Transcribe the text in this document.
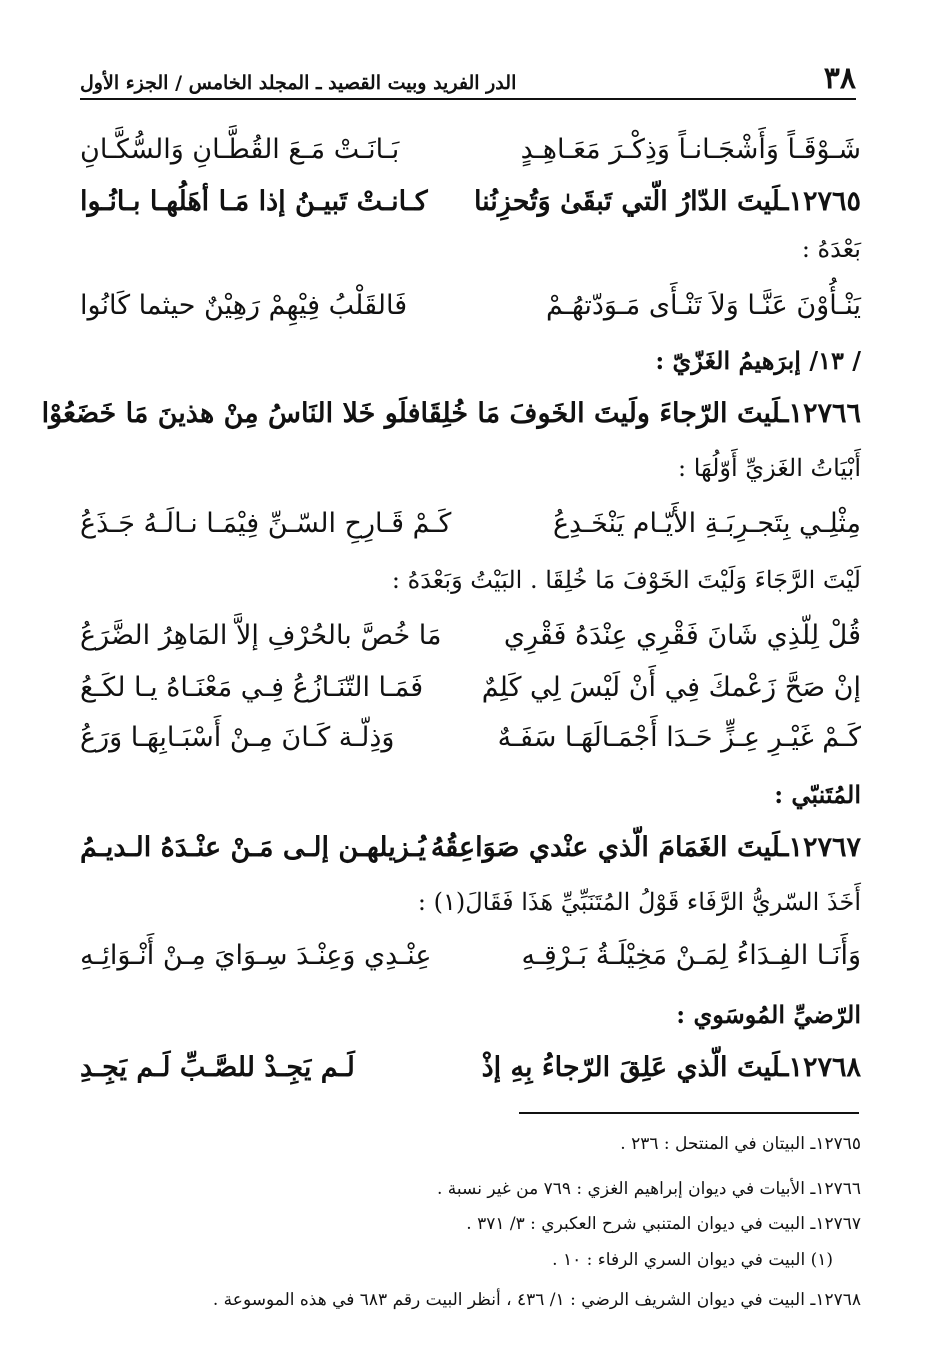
٣٨
الدر الفريد وبيت القصيد ـ المجلد الخامس / الجزء الأول
شَـوْقَـاً وَأَشْجَـانـاً وَذِكْـرَ مَعَـاهِـدٍ
بَـانَـتْ مَـعَ القُطَّـانِ وَالسُّكَّـانِ
١٢٧٦٥ـلَيتَ الدّارُ الّتي تَبقَىٰ وَتُحزِنُنا
كـانـتْ تَبيـنُ إذا مَـا أهَلُهـا بـانُـوا
بَعْدَهُ :
يَنْـأُوْنَ عَنَّـا وَلاَ تَنْـأَى مَـوَدّتهُـمْ
فَالقَلْبُ فِيْهِمْ رَهِيْنٌ حيثما كَانُوا
/ ١٣/ إبرَهيمُ الغَزّيّ :
١٢٧٦٦ـلَيتَ الرّجاءَ ولَيتَ الخَوفَ مَا خُلِقَا
فلَو خَلا النَاسُ مِنْ هذينَ مَا خَضَعُوْا
أَبْيَاتُ الغَزيِّ أَوّلُهَا :
مِثْلِـي بِتَجـرِبَـةِ الأَيّـام يَنْخَـدِعُ
كَـمْ قَـارِحِ السّـنِّ فِيْمَـا نـالَـهُ جَـذَعُ
لَيْتَ الرَّجَاءَ وَلَيْتَ الخَوْفَ مَا خُلِقَا . البَيْتُ وَبَعْدَهُ :
قُلْ لِلّذِي شَانَ فَقْرِي عِنْدَهُ فَقْرِي
مَا خُصَّ بالحُرْفِ إلاَّ المَاهِرُ الضَّرَعُ
إنْ صَحَّ زَعْمكَ فِي أَنْ لَيْسَ لِي كَلِمٌ
فَمَـا التّنَـازُعُ فِـي مَعْنَـاهُ يـا لكَـعُ
كَـمْ غَيْـرِ عِـزٍّ حَـدَا أَجْمَـالَهَـا سَفَـهٌ
وَذِلّـة كَـانَ مِـنْ أَسْبَـابِهَـا وَرَعُ
المُتَنبّي :
١٢٧٦٧ـلَيتَ الغَمَامَ الّذي عنْدي صَوَاعِقُهُ
يُـزيلهـن إلـى مَـنْ عنْـدَهُ الـديـمُ
أَخَذَ السّريُّ الرَّفَاء قَوْلُ المُتَنَبِّيِّ هَذَا فَقَالَ(١) :
وَأَنَـا الفِـدَاءُ لِمَـنْ مَخِيْلَـةُ بَـرْقِـهِ
عِنْـدِي وَعِنْـدَ سِـوَايَ مِـنْ أَنْـوَائِـهِ
الرّضيِّ المُوسَوي :
١٢٧٦٨ـلَيتَ الّذي عَلِقَ الرّجاءُ بِهِ إذْ
لَـم يَجِـدْ للصَّـبِّ لَـم يَجِـدِ
١٢٧٦٥ـ البيتان في المنتحل : ٢٣٦ .
١٢٧٦٦ـ الأبيات في ديوان إبراهيم الغزي : ٧٦٩ من غير نسبة .
١٢٧٦٧ـ البيت في ديوان المتنبي شرح العكبري : ٣/ ٣٧١ .
(١) البيت في ديوان السري الرفاء : ١٠ .
١٢٧٦٨ـ البيت في ديوان الشريف الرضي : ١/ ٤٣٦ ، أنظر البيت رقم ٦٨٣ في هذه الموسوعة .
